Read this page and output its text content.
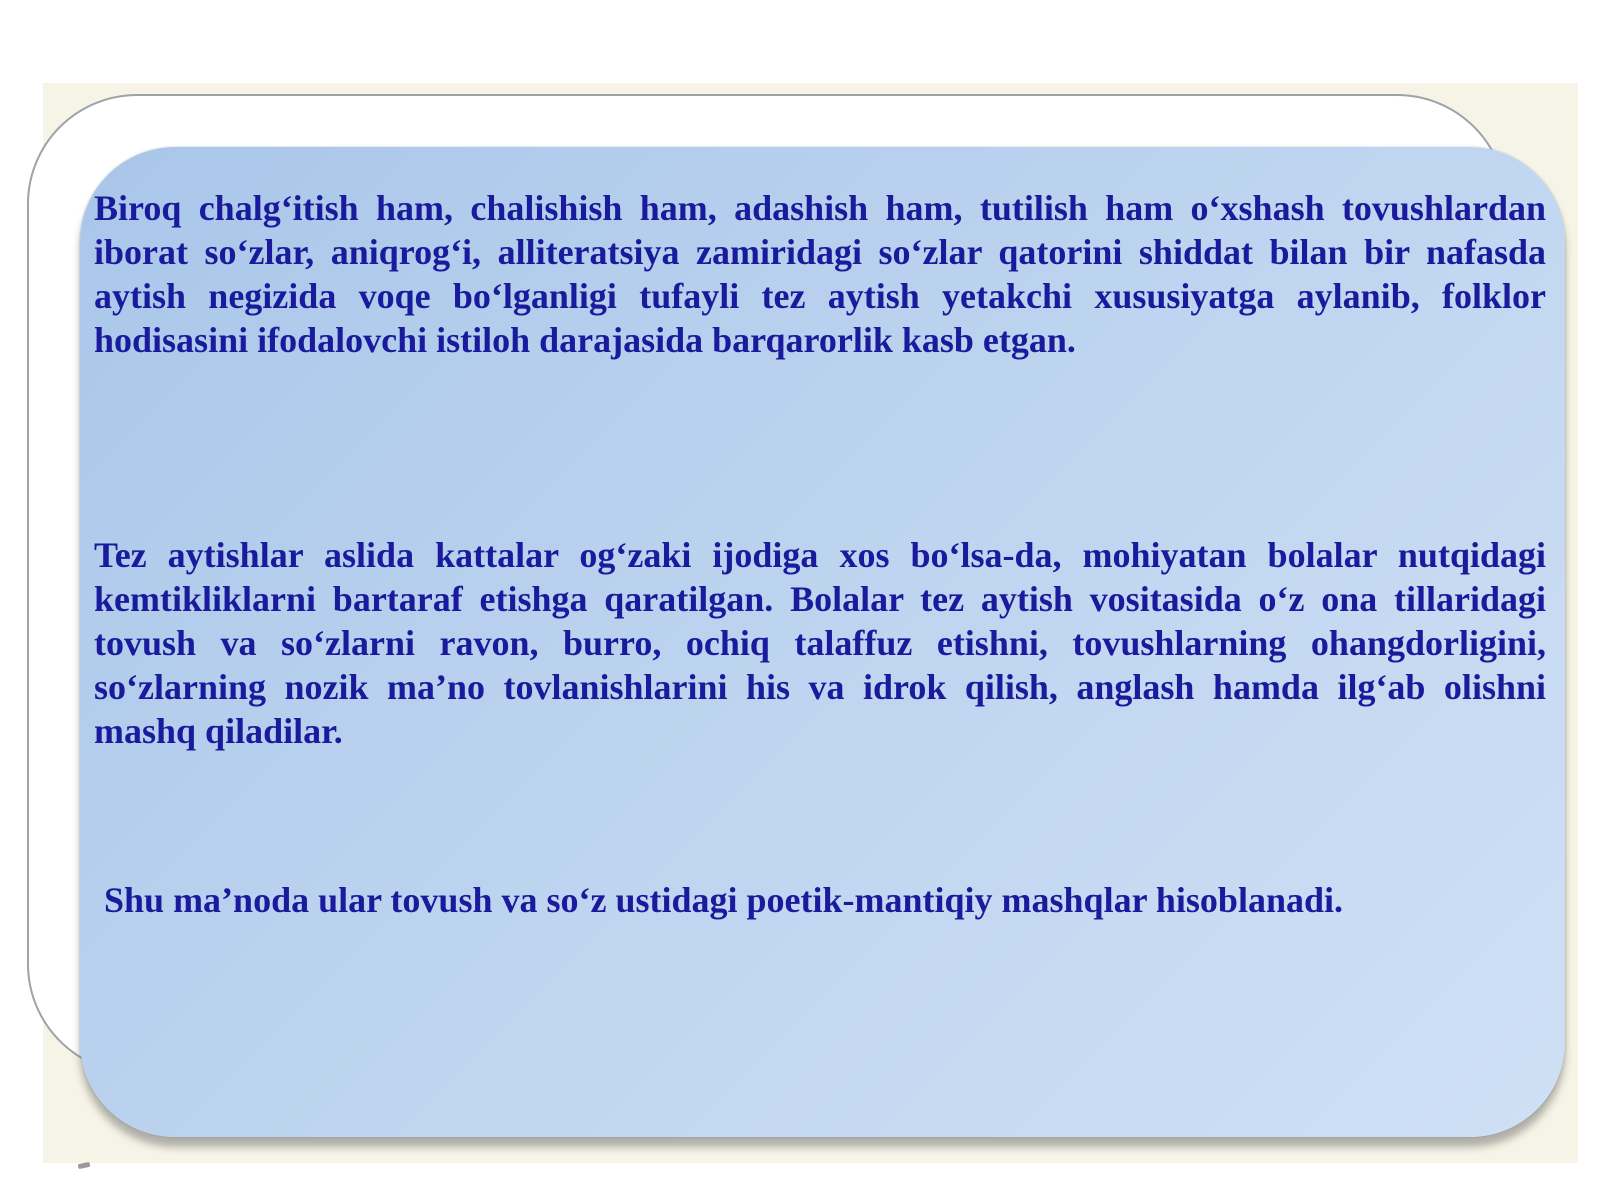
Biroq chalg‘itish ham, chalishish ham, adashish ham, tutilish ham o‘xshash tovushlardan iborat so‘zlar, aniqrog‘i, alliteratsiya zamiridagi so‘zlar qatorini shiddat bilan bir nafasda aytish negizida voqe bo‘lganligi tufayli tez aytish yetakchi xususiyatga aylanib, folklor hodisasini ifodalovchi istiloh darajasida barqarorlik kasb etgan.

Tez aytishlar aslida kattalar og‘zaki ijodiga xos bo‘lsa-da, mohiyatan bolalar nutqidagi kemtikliklarni bartaraf etishga qaratilgan. Bolalar tez aytish vositasida o‘z ona tillaridagi tovush va so‘zlarni ravon, burro, ochiq talaffuz etishni, tovushlarning ohangdorligini, so‘zlarning nozik ma’no tovlanishlarini his va idrok qilish, anglash hamda ilg‘ab olishni mashq qiladilar.

Shu ma’noda ular tovush va so‘z ustidagi poetik-mantiqiy mashqlar hisoblanadi.
